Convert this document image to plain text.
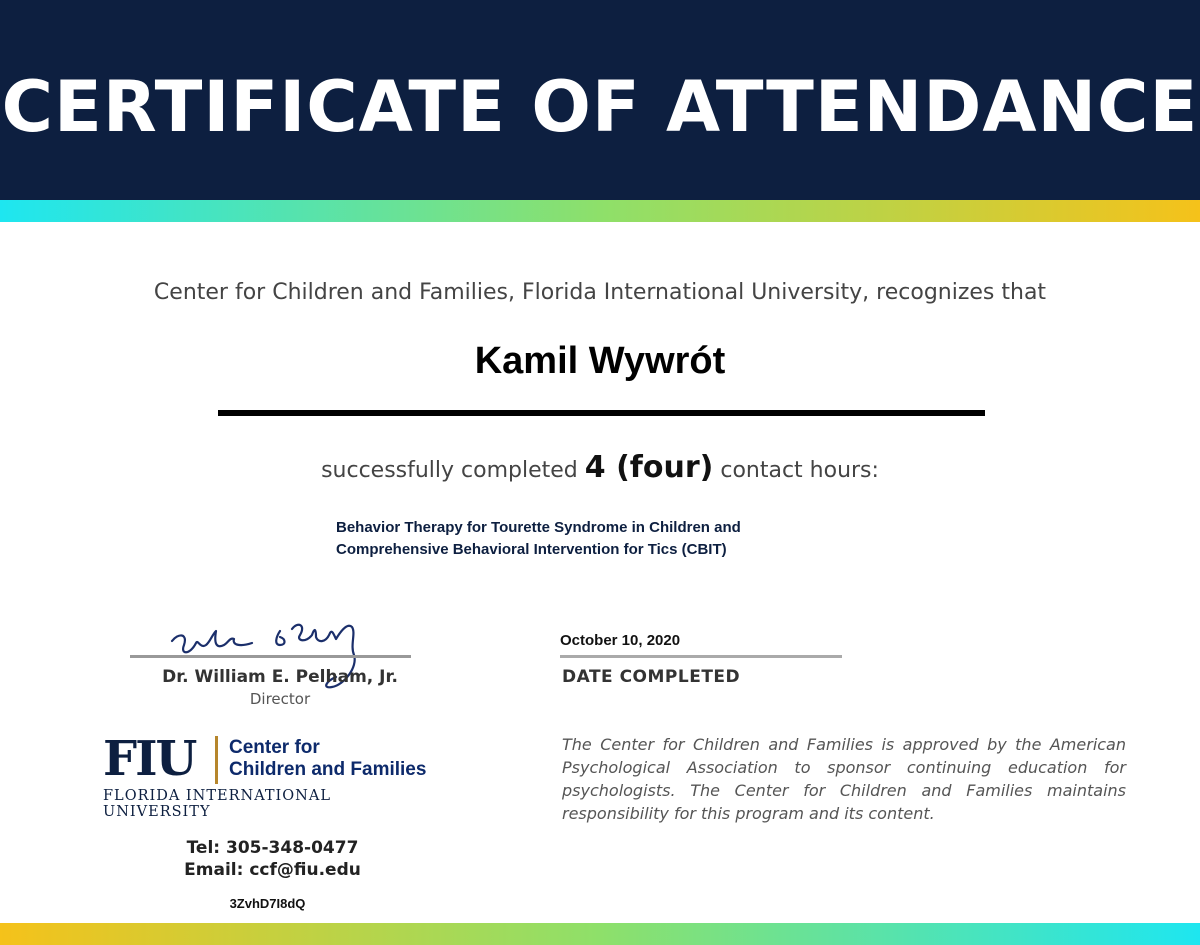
CERTIFICATE OF ATTENDANCE
Center for Children and Families, Florida International University, recognizes that
Kamil Wywrót
successfully completed 4 (four) contact hours:
Behavior Therapy for Tourette Syndrome in Children and
Comprehensive Behavioral Intervention for Tics (CBIT)
Dr. William E. Pelham, Jr.
Director
October 10, 2020
DATE COMPLETED
FIU	Center for
Children and Families
FLORIDA INTERNATIONAL UNIVERSITY
Tel: 305-348-0477
Email: ccf@fiu.edu
3ZvhD7I8dQ
The Center for Children and Families is approved by the American Psychological Association to sponsor continuing education for psychologists. The Center for Children and Families maintains responsibility for this program and its content.
